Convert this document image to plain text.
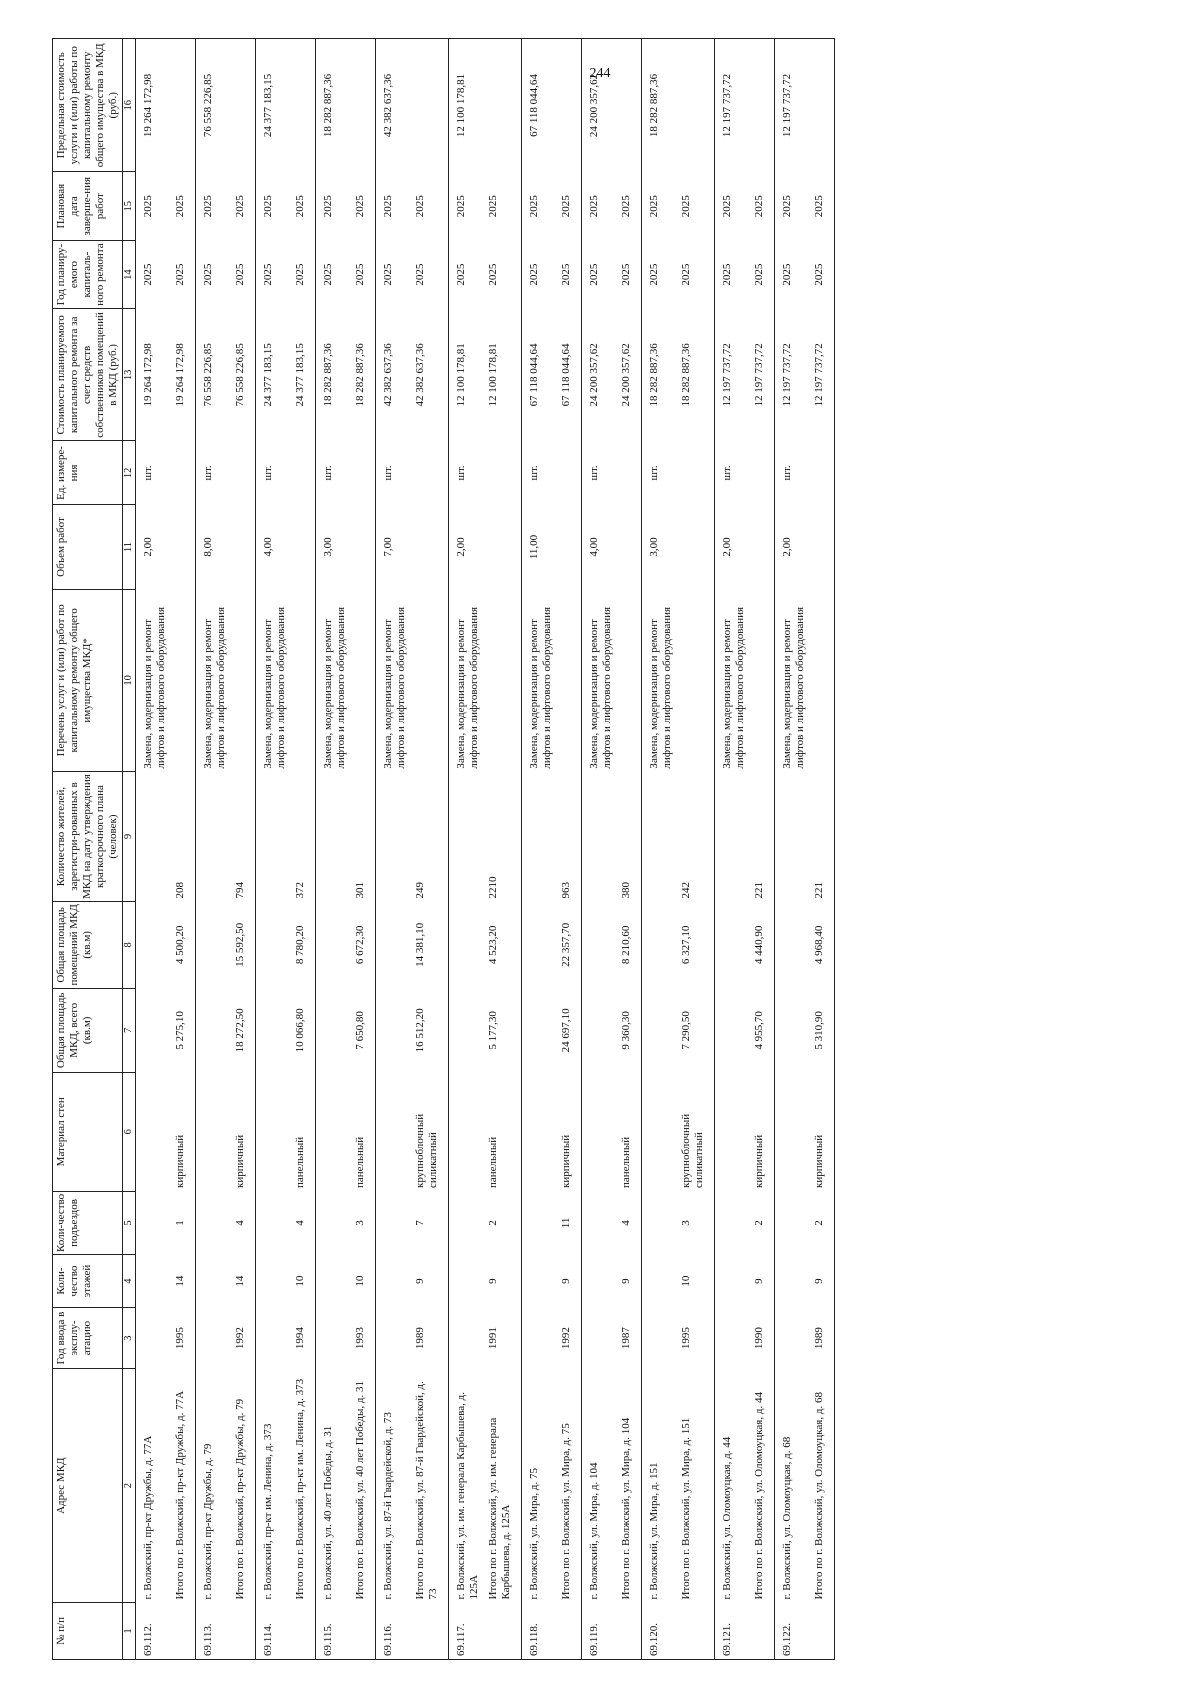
244
№ п/п	Адрес МКД	Год ввода в эксплу-атацию	Коли-чество этажей	Коли-чество подъездов	Материал стен	Общая площадь МКД, всего (кв.м)	Общая площадь помещений МКД (кв.м)	Количество жителей, зарегистри-рованных в МКД на дату утверждения краткосрочного плана (человек)	Перечень услуг и (или) работ по капитальному ремонту общего имущества МКД*	Объем работ	Ед. измере-ния	Стоимость планируемого капитального ремонта за счет средств собственников помещений в МКД (руб.)	Год планиру-емого капиталь-ного ремонта	Плановая дата заверше-ния работ	Предельная стоимость услуги и (или) работы по капитальному ремонту общего имущества в МКД (руб.)
1	2	3	4	5	6	7	8	9	10	11	12	13	14	15	16
69.112.	г. Волжский, пр-кт Дружбы, д. 77А								Замена, модернизация и ремонт лифтов и лифтового оборудования	2,00	шт.	19 264 172,98	2025	2025	19 264 172,98
	Итого по г. Волжский, пр-кт Дружбы, д. 77А	1995	14	1	кирпичный	5 275,10	4 500,20	208				19 264 172,98	2025	2025	
69.113.	г. Волжский, пр-кт Дружбы, д. 79								Замена, модернизация и ремонт лифтов и лифтового оборудования	8,00	шт.	76 558 226,85	2025	2025	76 558 226,85
	Итого по г. Волжский, пр-кт Дружбы, д. 79	1992	14	4	кирпичный	18 272,50	15 592,50	794				76 558 226,85	2025	2025	
69.114.	г. Волжский, пр-кт им. Ленина, д. 373								Замена, модернизация и ремонт лифтов и лифтового оборудования	4,00	шт.	24 377 183,15	2025	2025	24 377 183,15
	Итого по г. Волжский, пр-кт им. Ленина, д. 373	1994	10	4	панельный	10 066,80	8 780,20	372				24 377 183,15	2025	2025	
69.115.	г. Волжский, ул. 40 лет Победы, д. 31								Замена, модернизация и ремонт лифтов и лифтового оборудования	3,00	шт.	18 282 887,36	2025	2025	18 282 887,36
	Итого по г. Волжский, ул. 40 лет Победы, д. 31	1993	10	3	панельный	7 650,80	6 672,30	301				18 282 887,36	2025	2025	
69.116.	г. Волжский, ул. 87-й Гвардейской, д. 73								Замена, модернизация и ремонт лифтов и лифтового оборудования	7,00	шт.	42 382 637,36	2025	2025	42 382 637,36
	Итого по г. Волжский, ул. 87-й Гвардейской, д. 73	1989	9	7	крупноблочный силикатный	16 512,20	14 381,10	249				42 382 637,36	2025	2025	
69.117.	г. Волжский, ул. им. генерала Карбышева, д. 125А								Замена, модернизация и ремонт лифтов и лифтового оборудования	2,00	шт.	12 100 178,81	2025	2025	12 100 178,81
	Итого по г. Волжский, ул. им. генерала Карбышева, д. 125А	1991	9	2	панельный	5 177,30	4 523,20	2210				12 100 178,81	2025	2025	
69.118.	г. Волжский, ул. Мира, д. 75								Замена, модернизация и ремонт лифтов и лифтового оборудования	11,00	шт.	67 118 044,64	2025	2025	67 118 044,64
	Итого по г. Волжский, ул. Мира, д. 75	1992	9	11	кирпичный	24 697,10	22 357,70	963				67 118 044,64	2025	2025	
69.119.	г. Волжский, ул. Мира, д. 104								Замена, модернизация и ремонт лифтов и лифтового оборудования	4,00	шт.	24 200 357,62	2025	2025	24 200 357,62
	Итого по г. Волжский, ул. Мира, д. 104	1987	9	4	панельный	9 360,30	8 210,60	380				24 200 357,62	2025	2025	
69.120.	г. Волжский, ул. Мира, д. 151								Замена, модернизация и ремонт лифтов и лифтового оборудования	3,00	шт.	18 282 887,36	2025	2025	18 282 887,36
	Итого по г. Волжский, ул. Мира, д. 151	1995	10	3	крупноблочный силикатный	7 290,50	6 327,10	242				18 282 887,36	2025	2025	
69.121.	г. Волжский, ул. Оломоуцкая, д. 44								Замена, модернизация и ремонт лифтов и лифтового оборудования	2,00	шт.	12 197 737,72	2025	2025	12 197 737,72
	Итого по г. Волжский, ул. Оломоуцкая, д. 44	1990	9	2	кирпичный	4 955,70	4 440,90	221				12 197 737,72	2025	2025	
69.122.	г. Волжский, ул. Оломоуцкая, д. 68								Замена, модернизация и ремонт лифтов и лифтового оборудования	2,00	шт.	12 197 737,72	2025	2025	12 197 737,72
	Итого по г. Волжский, ул. Оломоуцкая, д. 68	1989	9	2	кирпичный	5 310,90	4 968,40	221				12 197 737,72	2025	2025	
